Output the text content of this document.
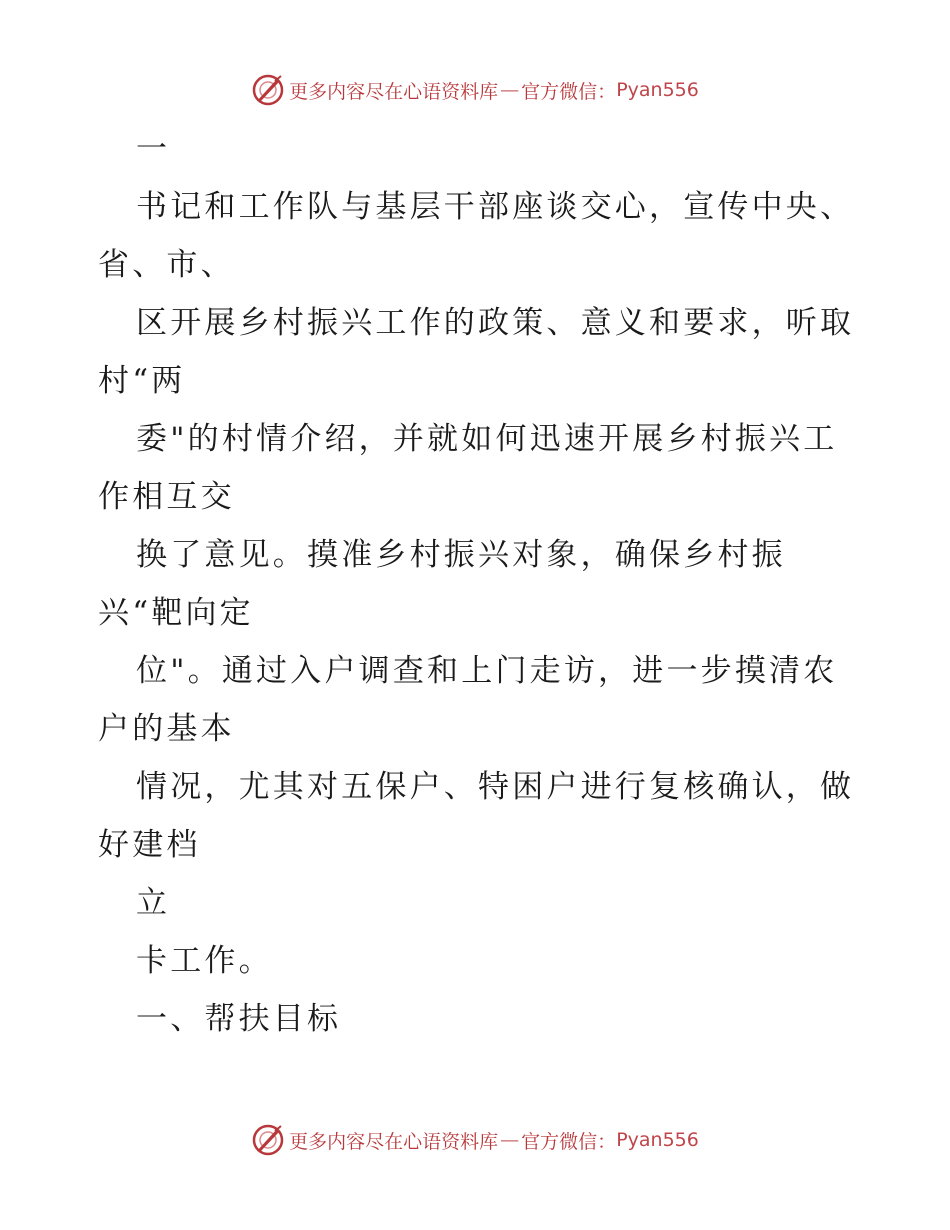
更多内容尽在心语资料库 — 官方微信： Pyan556
一
书记和工作队与基层干部座谈交心，宣传中央、
省、市、
区开展乡村振兴工作的政策、意义和要求，听取
村“两
委"的村情介绍，并就如何迅速开展乡村振兴工
作相互交
换了意见。摸准乡村振兴对象，确保乡村振
兴“靶向定
位"。通过入户调查和上门走访，进一步摸清农
户的基本
情况，尤其对五保户、特困户进行复核确认，做
好建档
立
卡工作。
一、帮扶目标
更多内容尽在心语资料库 — 官方微信： Pyan556
